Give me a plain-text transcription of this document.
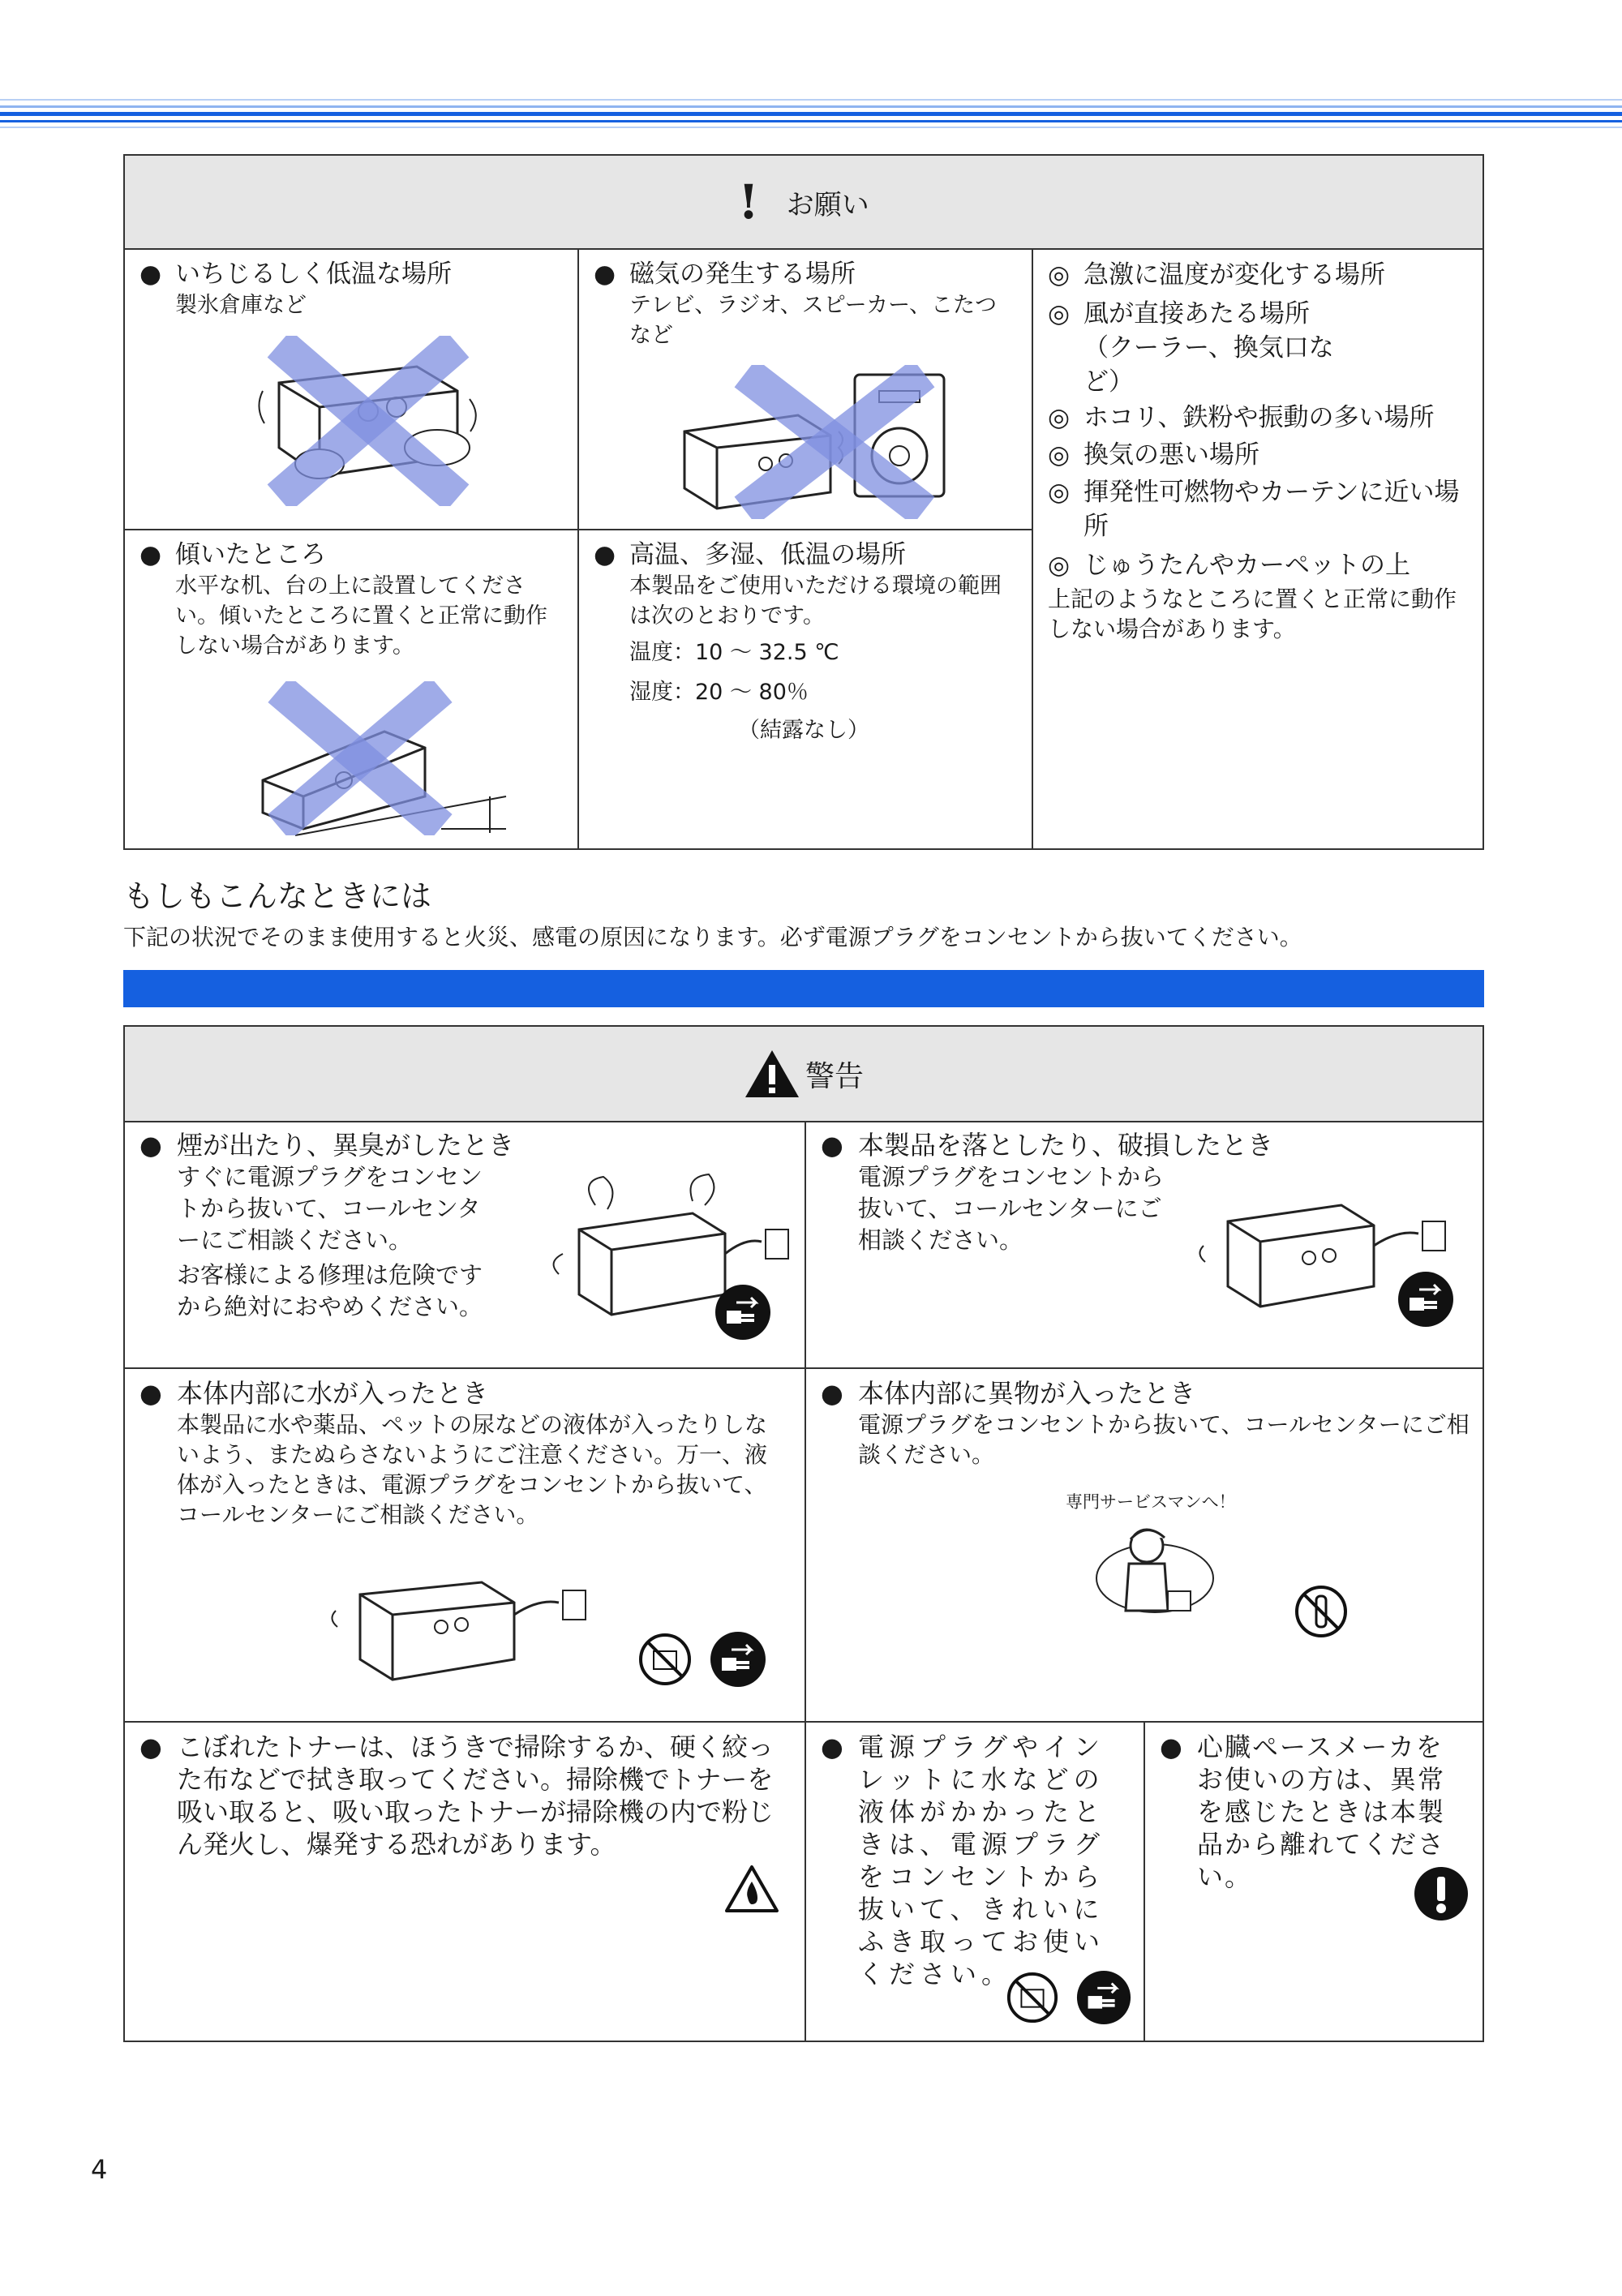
! お願い
● いちじるしく低温な場所
製氷倉庫など
● 磁気の発生する場所
テレビ、ラジオ、スピーカー、こたつなど
● 傾いたところ
水平な机、台の上に設置してください。傾いたところに置くと正常に動作しない場合があります。
● 高温、多湿、低温の場所
本製品をご使用いただける環境の範囲は次のとおりです。
温度：10 ～ 32.5 ℃
湿度：20 ～ 80％
（結露なし）
◎ 急激に温度が変化する場所
◎ 風が直接あたる場所（クーラー、換気口など）
◎ ホコリ、鉄粉や振動の多い場所
◎ 換気の悪い場所
◎ 揮発性可燃物やカーテンに近い場所
◎ じゅうたんやカーペットの上
上記のようなところに置くと正常に動作しない場合があります。
もしもこんなときには
下記の状況でそのまま使用すると火災、感電の原因になります。必ず電源プラグをコンセントから抜いてください。
警告
● 煙が出たり、異臭がしたとき
すぐに電源プラグをコンセントから抜いて、コールセンターにご相談ください。
お客様による修理は危険ですから絶対におやめください。
● 本製品を落としたり、破損したとき
電源プラグをコンセントから抜いて、コールセンターにご相談ください。
● 本体内部に水が入ったとき
本製品に水や薬品、ペットの尿などの液体が入ったりしないよう、またぬらさないようにご注意ください。万一、液体が入ったときは、電源プラグをコンセントから抜いて、コールセンターにご相談ください。
● 本体内部に異物が入ったとき
電源プラグをコンセントから抜いて、コールセンターにご相談ください。
専門サービスマンへ！
● こぼれたトナーは、ほうきで掃除するか、硬く絞った布などで拭き取ってください。掃除機でトナーを吸い取ると、吸い取ったトナーが掃除機の内で粉じん発火し、爆発する恐れがあります。
● 電源プラグやインレットに水などの液体がかかったときは、電源プラグをコンセントから抜いて、きれいにふき取ってお使いください。
● 心臓ペースメーカをお使いの方は、異常を感じたときは本製品から離れてください。
4
